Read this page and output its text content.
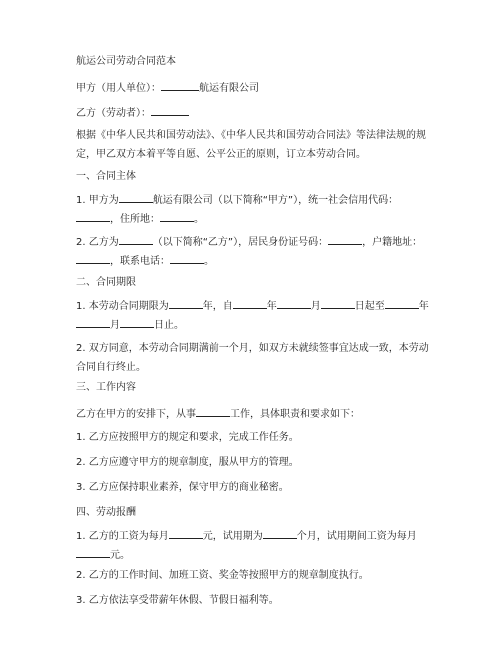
航运公司劳动合同范本
甲方（用人单位）：	航运有限公司
乙方（劳动者）：
根据《中华人民共和国劳动法》、《中华人民共和国劳动合同法》等法律法规的规
定，甲乙双方本着平等自愿、公平公正的原则，订立本劳动合同。
一、合同主体
1. 甲方为	航运有限公司（以下简称“甲方”），统一社会信用代码：
，住所地：	。
2. 乙方为	（以下简称“乙方”），居民身份证号码：	，户籍地址：
，联系电话：	。
二、合同期限
1. 本劳动合同期限为	年，自	年	月	日起至	年
月	日止。
2. 双方同意，本劳动合同期满前一个月，如双方未就续签事宜达成一致，本劳动
合同自行终止。
三、工作内容
乙方在甲方的安排下，从事	工作，具体职责和要求如下：
1. 乙方应按照甲方的规定和要求，完成工作任务。
2. 乙方应遵守甲方的规章制度，服从甲方的管理。
3. 乙方应保持职业素养，保守甲方的商业秘密。
四、劳动报酬
1. 乙方的工资为每月	元，试用期为	个月，试用期间工资为每月
元。
2. 乙方的工作时间、加班工资、奖金等按照甲方的规章制度执行。
3. 乙方依法享受带薪年休假、节假日福利等。
